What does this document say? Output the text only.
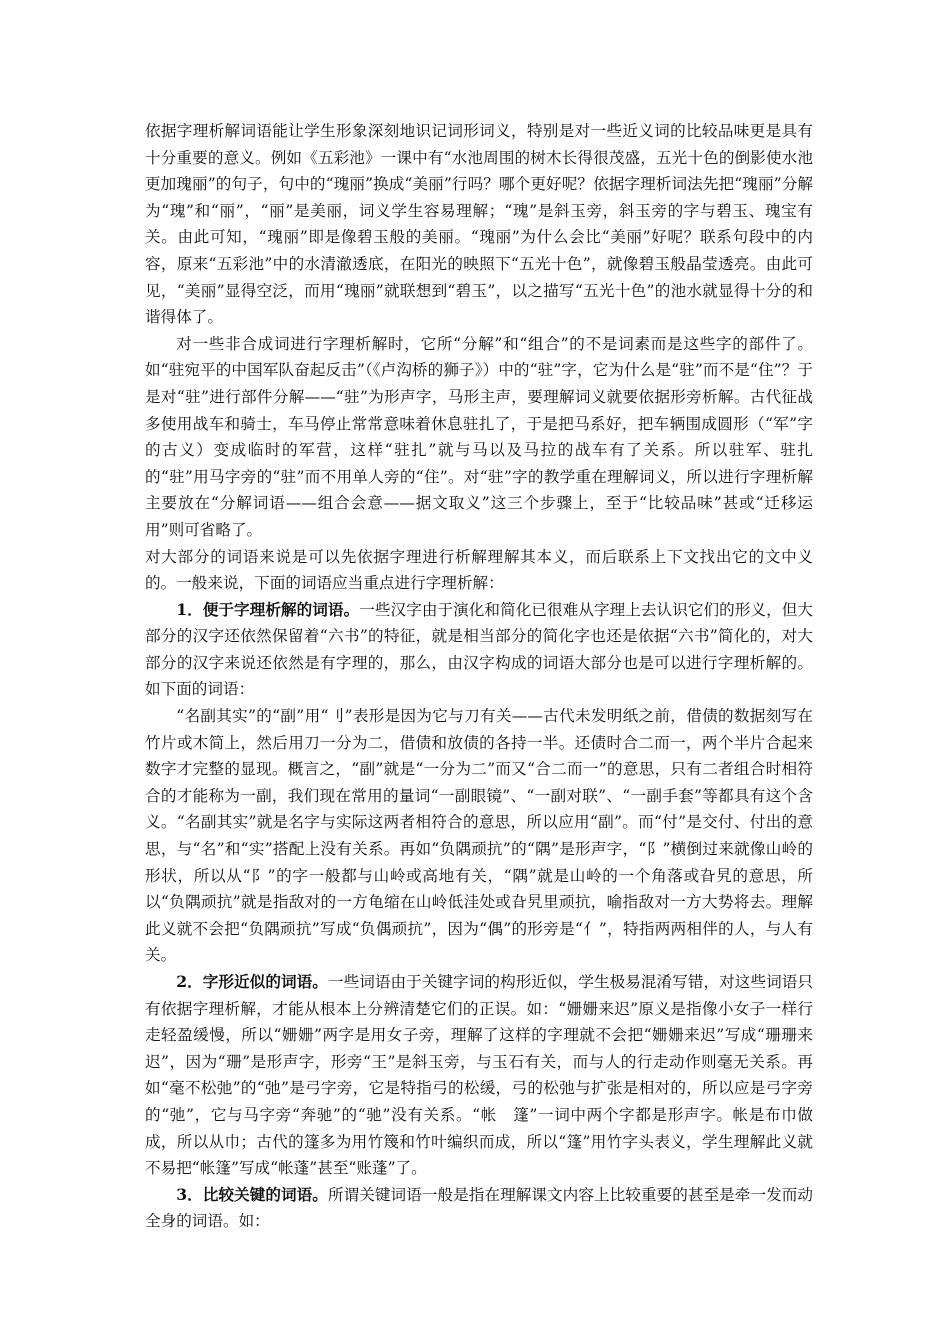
依据字理析解词语能让学生形象深刻地识记词形词义，特别是对一些近义词的比较品味更是具有十分重要的意义。例如《五彩池》一课中有“水池周围的树木长得很茂盛，五光十色的倒影使水池更加瑰丽”的句子，句中的“瑰丽”换成“美丽”行吗？哪个更好呢？依据字理析词法先把“瑰丽”分解为“瑰”和“丽”，“丽”是美丽，词义学生容易理解；“瑰”是斜玉旁，斜玉旁的字与碧玉、瑰宝有关。由此可知，“瑰丽”即是像碧玉般的美丽。“瑰丽”为什么会比“美丽”好呢？联系句段中的内容，原来“五彩池”中的水清澈透底，在阳光的映照下“五光十色”，就像碧玉般晶莹透亮。由此可见，“美丽”显得空泛，而用“瑰丽”就联想到“碧玉”，以之描写“五光十色”的池水就显得十分的和谐得体了。

对一些非合成词进行字理析解时，它所“分解”和“组合”的不是词素而是这些字的部件了。如“驻宛平的中国军队奋起反击”（《卢沟桥的狮子》）中的“驻”字，它为什么是“驻”而不是“住”？于是对“驻”进行部件分解——“驻”为形声字，马形主声，要理解词义就要依据形旁析解。古代征战多使用战车和骑士，车马停止常常意味着休息驻扎了，于是把马系好，把车辆围成圆形（“军”字的古义）变成临时的军营，这样“驻扎”就与马以及马拉的战车有了关系。所以驻军、驻扎的“驻”用马字旁的“驻”而不用单人旁的“住”。对“驻”字的教学重在理解词义，所以进行字理析解主要放在“分解词语——组合会意——据文取义”这三个步骤上，至于“比较品味”甚或“迁移运用”则可省略了。

对大部分的词语来说是可以先依据字理进行析解理解其本义，而后联系上下文找出它的文中义的。一般来说，下面的词语应当重点进行字理析解：

1．便于字理析解的词语。一些汉字由于演化和简化已很难从字理上去认识它们的形义，但大部分的汉字还依然保留着“六书”的特征，就是相当部分的简化字也还是依据“六书”简化的，对大部分的汉字来说还依然是有字理的，那么，由汉字构成的词语大部分也是可以进行字理析解的。如下面的词语：

“名副其实”的“副”用“刂”表形是因为它与刀有关——古代未发明纸之前，借债的数据刻写在竹片或木简上，然后用刀一分为二，借债和放债的各持一半。还债时合二而一，两个半片合起来数字才完整的显现。概言之，“副”就是“一分为二”而又“合二而一”的意思，只有二者组合时相符合的才能称为一副，我们现在常用的量词“一副眼镜”、“一副对联”、“一副手套”等都具有这个含义。“名副其实”就是名字与实际这两者相符合的意思，所以应用“副”。而“付”是交付、付出的意思，与“名”和“实”搭配上没有关系。再如“负隅顽抗”的“隅”是形声字，“阝”横倒过来就像山岭的形状，所以从“阝”的字一般都与山岭或高地有关，“隅”就是山岭的一个角落或旮旯的意思，所以“负隅顽抗”就是指敌对的一方龟缩在山岭低洼处或旮旯里顽抗，喻指敌对一方大势将去。理解此义就不会把“负隅顽抗”写成“负偶顽抗”，因为“偶”的形旁是“亻”，特指两两相伴的人，与人有关。

2．字形近似的词语。一些词语由于关键字词的构形近似，学生极易混淆写错，对这些词语只有依据字理析解，才能从根本上分辨清楚它们的正误。如：“姗姗来迟”原义是指像小女子一样行走轻盈缓慢，所以“姗姗”两字是用女子旁，理解了这样的字理就不会把“姗姗来迟”写成“珊珊来迟”，因为“珊”是形声字，形旁“王”是斜玉旁，与玉石有关，而与人的行走动作则毫无关系。再如“毫不松弛”的“弛”是弓字旁，它是特指弓的松缓，弓的松弛与扩张是相对的，所以应是弓字旁的“弛”，它与马字旁“奔驰”的“驰”没有关系。“帐　篷”一词中两个字都是形声字。帐是布巾做成，所以从巾；古代的篷多为用竹篾和竹叶编织而成，所以“篷”用竹字头表义，学生理解此义就不易把“帐篷”写成“帐蓬”甚至“账蓬”了。

3．比较关键的词语。所谓关键词语一般是指在理解课文内容上比较重要的甚至是牵一发而动全身的词语。如：
